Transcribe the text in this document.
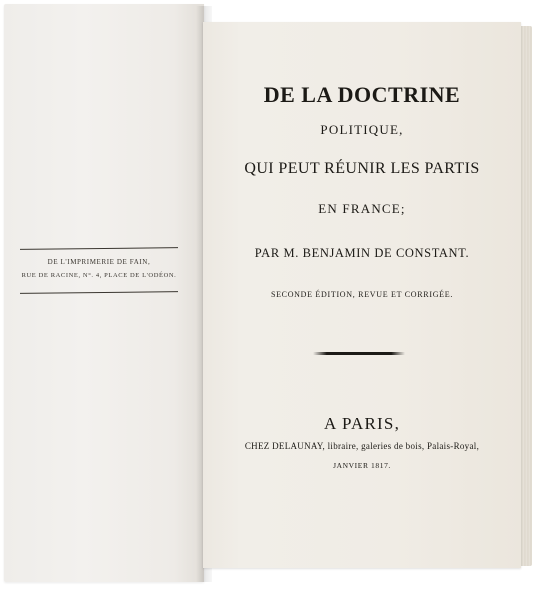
DE L'IMPRIMERIE DE FAIN,
RUE DE RACINE, N°. 4, PLACE DE L'ODÉON.
DE LA DOCTRINE
POLITIQUE,
QUI PEUT RÉUNIR LES PARTIS
EN FRANCE;
PAR M. BENJAMIN DE CONSTANT.
SECONDE ÉDITION, REVUE ET CORRIGÉE.
A PARIS,
CHEZ DELAUNAY, libraire, galeries de bois, Palais-Royal,
JANVIER 1817.
